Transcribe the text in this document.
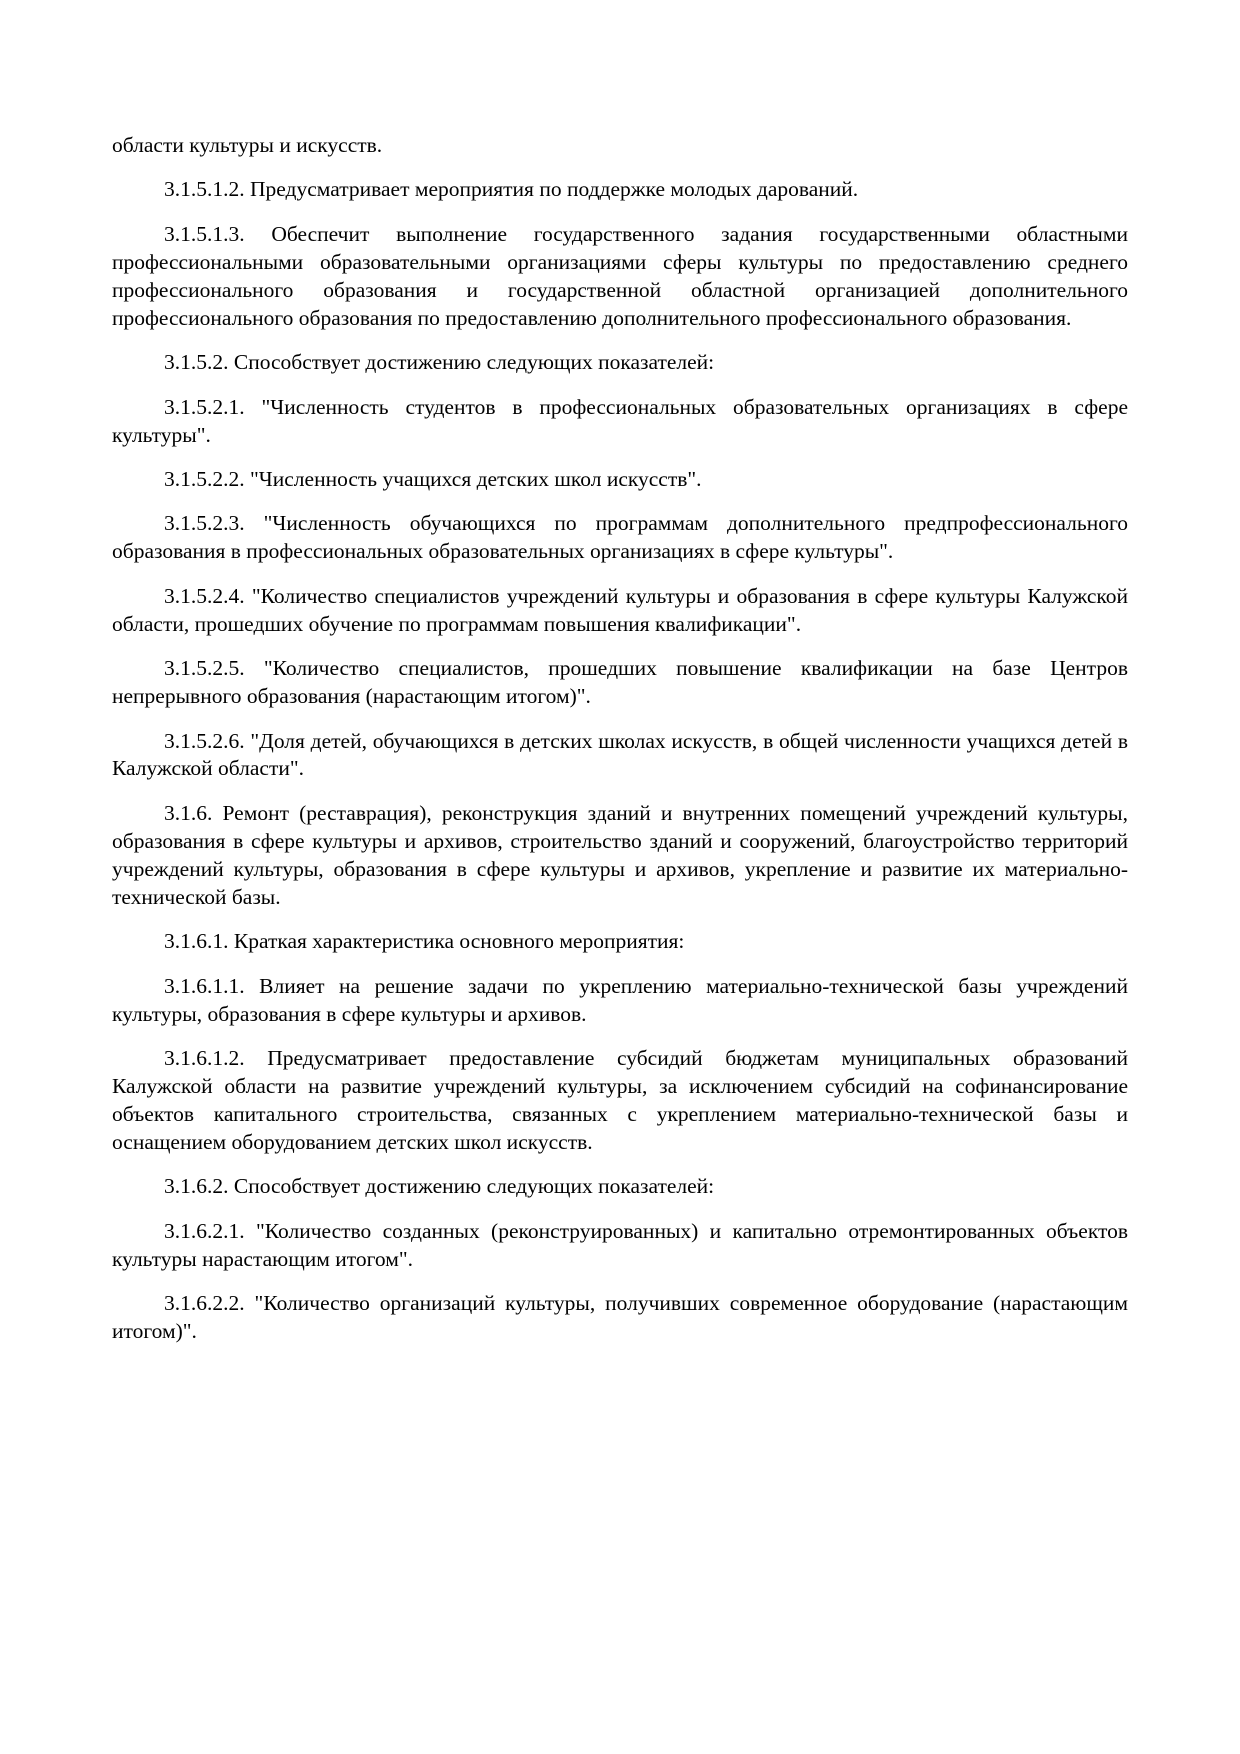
области культуры и искусств.

3.1.5.1.2. Предусматривает мероприятия по поддержке молодых дарований.

3.1.5.1.3. Обеспечит выполнение государственного задания государственными областными профессиональными образовательными организациями сферы культуры по предоставлению среднего профессионального образования и государственной областной организацией дополнительного профессионального образования по предоставлению дополнительного профессионального образования.

3.1.5.2. Способствует достижению следующих показателей:

3.1.5.2.1. "Численность студентов в профессиональных образовательных организациях в сфере культуры".

3.1.5.2.2. "Численность учащихся детских школ искусств".

3.1.5.2.3. "Численность обучающихся по программам дополнительного предпрофессионального образования в профессиональных образовательных организациях в сфере культуры".

3.1.5.2.4. "Количество специалистов учреждений культуры и образования в сфере культуры Калужской области, прошедших обучение по программам повышения квалификации".

3.1.5.2.5. "Количество специалистов, прошедших повышение квалификации на базе Центров непрерывного образования (нарастающим итогом)".

3.1.5.2.6. "Доля детей, обучающихся в детских школах искусств, в общей численности учащихся детей в Калужской области".

3.1.6. Ремонт (реставрация), реконструкция зданий и внутренних помещений учреждений культуры, образования в сфере культуры и архивов, строительство зданий и сооружений, благоустройство территорий учреждений культуры, образования в сфере культуры и архивов, укрепление и развитие их материально-технической базы.

3.1.6.1. Краткая характеристика основного мероприятия:

3.1.6.1.1. Влияет на решение задачи по укреплению материально-технической базы учреждений культуры, образования в сфере культуры и архивов.

3.1.6.1.2. Предусматривает предоставление субсидий бюджетам муниципальных образований Калужской области на развитие учреждений культуры, за исключением субсидий на софинансирование объектов капитального строительства, связанных с укреплением материально-технической базы и оснащением оборудованием детских школ искусств.

3.1.6.2. Способствует достижению следующих показателей:

3.1.6.2.1. "Количество созданных (реконструированных) и капитально отремонтированных объектов культуры нарастающим итогом".

3.1.6.2.2. "Количество организаций культуры, получивших современное оборудование (нарастающим итогом)".
